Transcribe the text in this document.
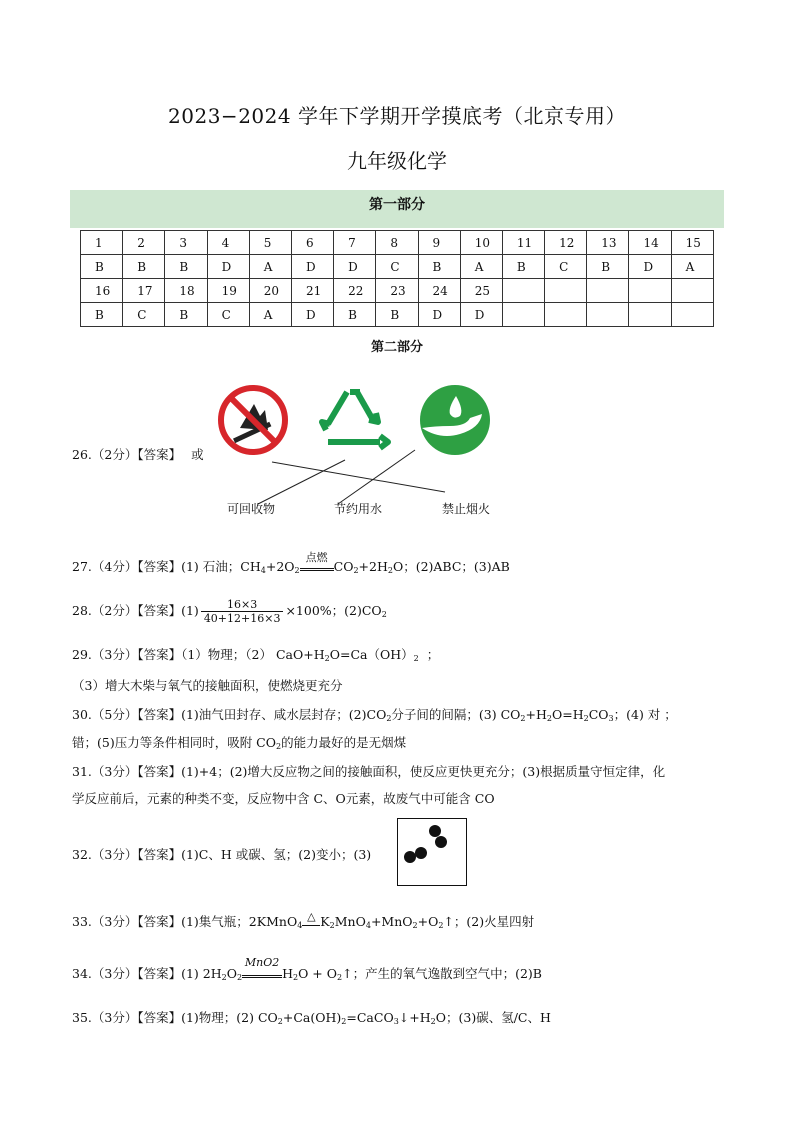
2023−2024 学年下学期开学摸底考（北京专用）
九年级化学
第一部分
1	2	3	4	5	6	7	8	9	10	11	12	13	14	15
B	B	B	D	A	D	D	C	B	A	B	C	B	D	A
16	17	18	19	20	21	22	23	24	25					
B	C	B	C	A	D	B	B	D	D					
第二部分
26.（2分）【答案】 或
可回收物	节约用水	禁止烟火
27.（4分）【答案】(1) 石油；$CH_4+2O_2$
点燃
$CO_2+2H_2O$；(2)ABC；(3)AB
28.（2分）【答案】$(1) \frac{16\times 3}{40+12+16\times 3} \times 100\%$；$(2)CO_2$
29.（3分）【答案】（1）物理；（2） $CaO+H_2O=Ca(OH)_2$ ；
（3）增大木柴与氧气的接触面积，使燃烧更充分
30.（5分）【答案】(1)油气田封存、咸水层封存；$(2)CO_2$分子间的间隔；(3) $CO_2+H_2O=H_2CO_3$；(4) 对 ；
错；(5)压力等条件相同时，吸附 $CO_2$的能力最好的是无烟煤
31.（3分）【答案】(1)+4；(2)增大反应物之间的接触面积，使反应更快更充分；(3)根据质量守恒定律，化
学反应前后，元素的种类不变，反应物中含 C、O元素，故废气中可能含 CO
32.（3分）【答案】(1)C、H 或碳、氢；(2)变小；(3)
33.（3分）【答案】(1)集气瓶；2KMnO$_4$
△ $K_2MnO_4+MnO_2+O_2↑$；(2)火星四射
34.（3分）【答案】(1) $2H_2O_2$
MnO2
$H_2O$ + $O_2↑$；产生的氧气逸散到空气中；(2)B
35.（3分）【答案】(1)物理；(2) $CO_2+Ca(OH)_2=CaCO_3↓+H_2O$；(3)碳、氢/C、H
